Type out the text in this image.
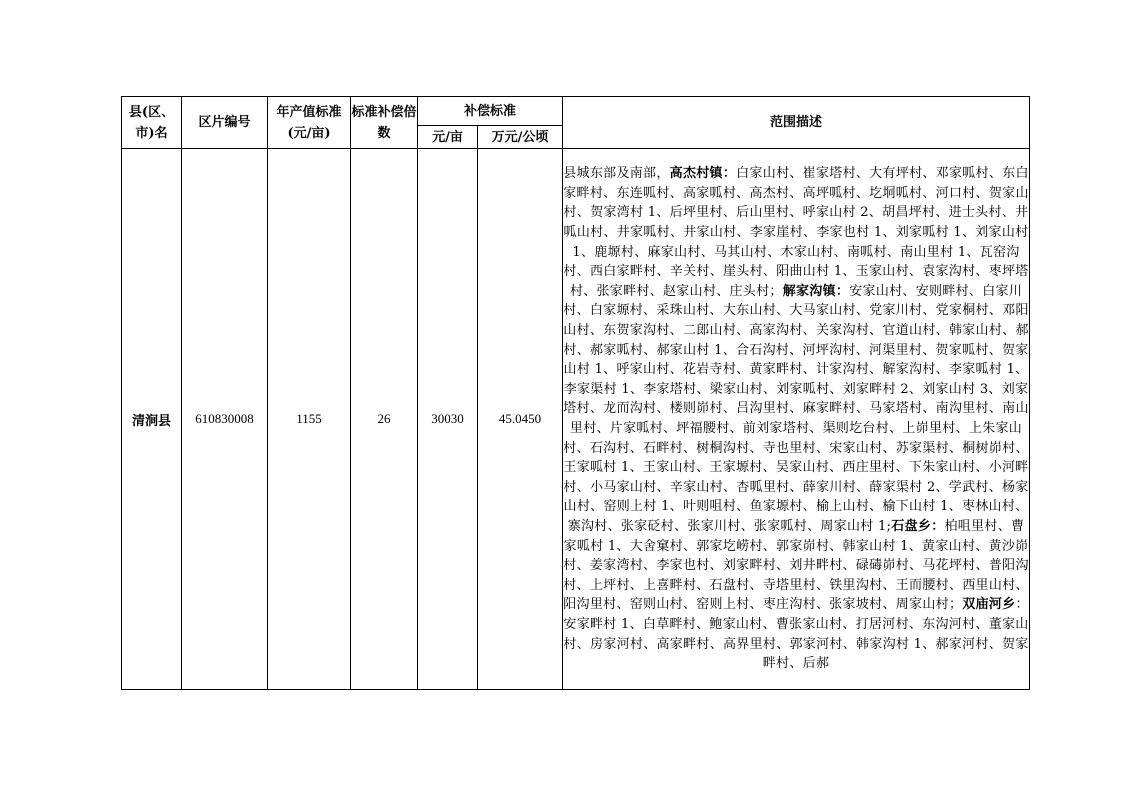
县(区、市)名	区片编号	年产值标准(元/亩)	标准补偿倍数	补偿标准		范围描述
				元/亩	万元/公顷	
清涧县	610830008	1155	26	30030	45.0450	县城东部及南部，高杰村镇：白家山村、崔家塔村、大有坪村、邓家呱村、东白家畔村、东连呱村、高家呱村、高杰村、高坪呱村、圪垌呱村、河口村、贺家山村、贺家湾村 1、后坪里村、后山里村、呼家山村 2、胡昌坪村、进士头村、井呱山村、井家呱村、井家山村、李家崖村、李家也村 1、刘家呱村 1、刘家山村 1、鹿塬村、麻家山村、马其山村、木家山村、南呱村、南山里村 1、瓦窑沟村、西白家畔村、辛关村、崖头村、阳曲山村 1、玉家山村、袁家沟村、枣坪塔村、张家畔村、赵家山村、庄头村；解家沟镇：安家山村、安则畔村、白家川村、白家塬村、采珠山村、大东山村、大马家山村、党家川村、党家桐村、邓阳山村、东贺家沟村、二郎山村、高家沟村、关家沟村、官道山村、韩家山村、郝村、郝家呱村、郝家山村 1、合石沟村、河坪沟村、河渠里村、贺家呱村、贺家山村 1、呼家山村、花岩寺村、黄家畔村、计家沟村、解家沟村、李家呱村 1、李家渠村 1、李家塔村、梁家山村、刘家呱村、刘家畔村 2、刘家山村 3、刘家塔村、龙而沟村、楼则峁村、吕沟里村、麻家畔村、马家塔村、南沟里村、南山里村、片家呱村、坪福腰村、前刘家塔村、渠则圪台村、上峁里村、上朱家山村、石沟村、石畔村、树桐沟村、寺也里村、宋家山村、苏家渠村、桐树峁村、王家呱村 1、王家山村、王家塬村、吴家山村、西庄里村、下朱家山村、小河畔村、小马家山村、辛家山村、杏呱里村、薛家川村、薛家渠村 2、学武村、杨家山村、窑则上村 1、叶则咀村、鱼家塬村、榆上山村、榆下山村 1、枣林山村、寨沟村、张家砭村、张家川村、张家呱村、周家山村 1;石盘乡：柏咀里村、曹家呱村 1、大舍窠村、郭家圪崂村、郭家峁村、韩家山村 1、黄家山村、黄沙峁村、姜家湾村、李家也村、刘家畔村、刘井畔村、碌碡峁村、马花坪村、普阳沟村、上坪村、上喜畔村、石盘村、寺塔里村、铁里沟村、王而腰村、西里山村、阳沟里村、窑则山村、窑则上村、枣庄沟村、张家坡村、周家山村；双庙河乡：安家畔村 1、白草畔村、鲍家山村、曹张家山村、打居河村、东沟河村、董家山村、房家河村、高家畔村、高界里村、郭家河村、韩家沟村 1、郝家河村、贺家畔村、后郝
